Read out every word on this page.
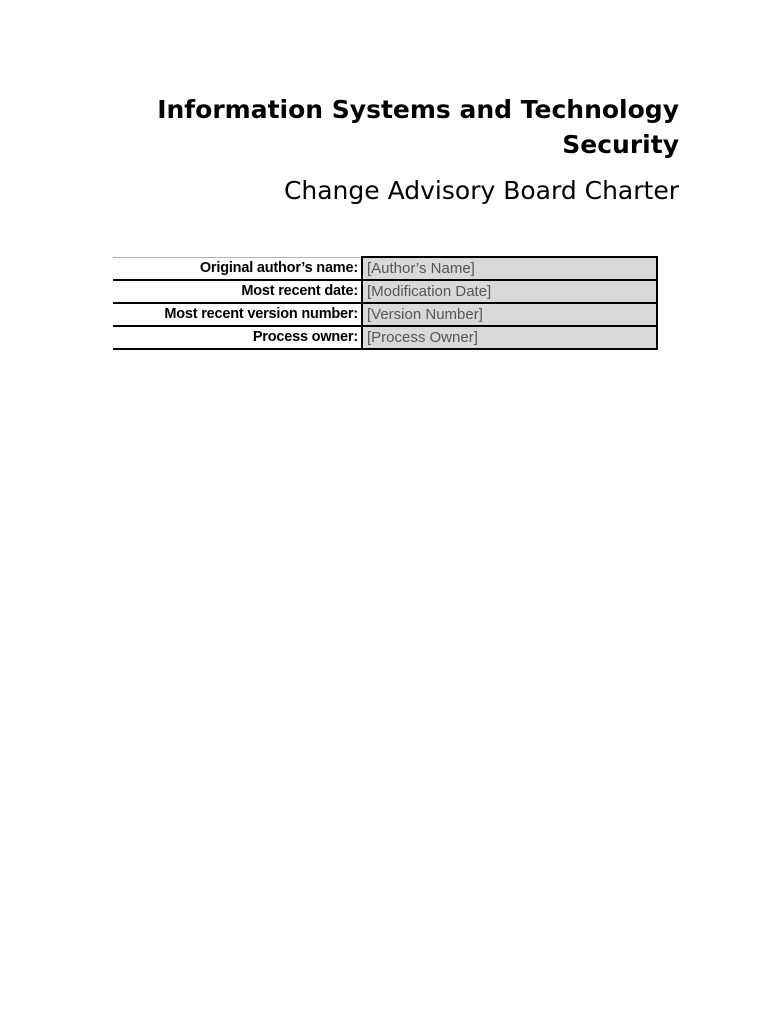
Information Systems and Technology Security
Change Advisory Board Charter
Original author’s name:	[Author’s Name]
Most recent date:	[Modification Date]
Most recent version number:	[Version Number]
Process owner:	[Process Owner]
